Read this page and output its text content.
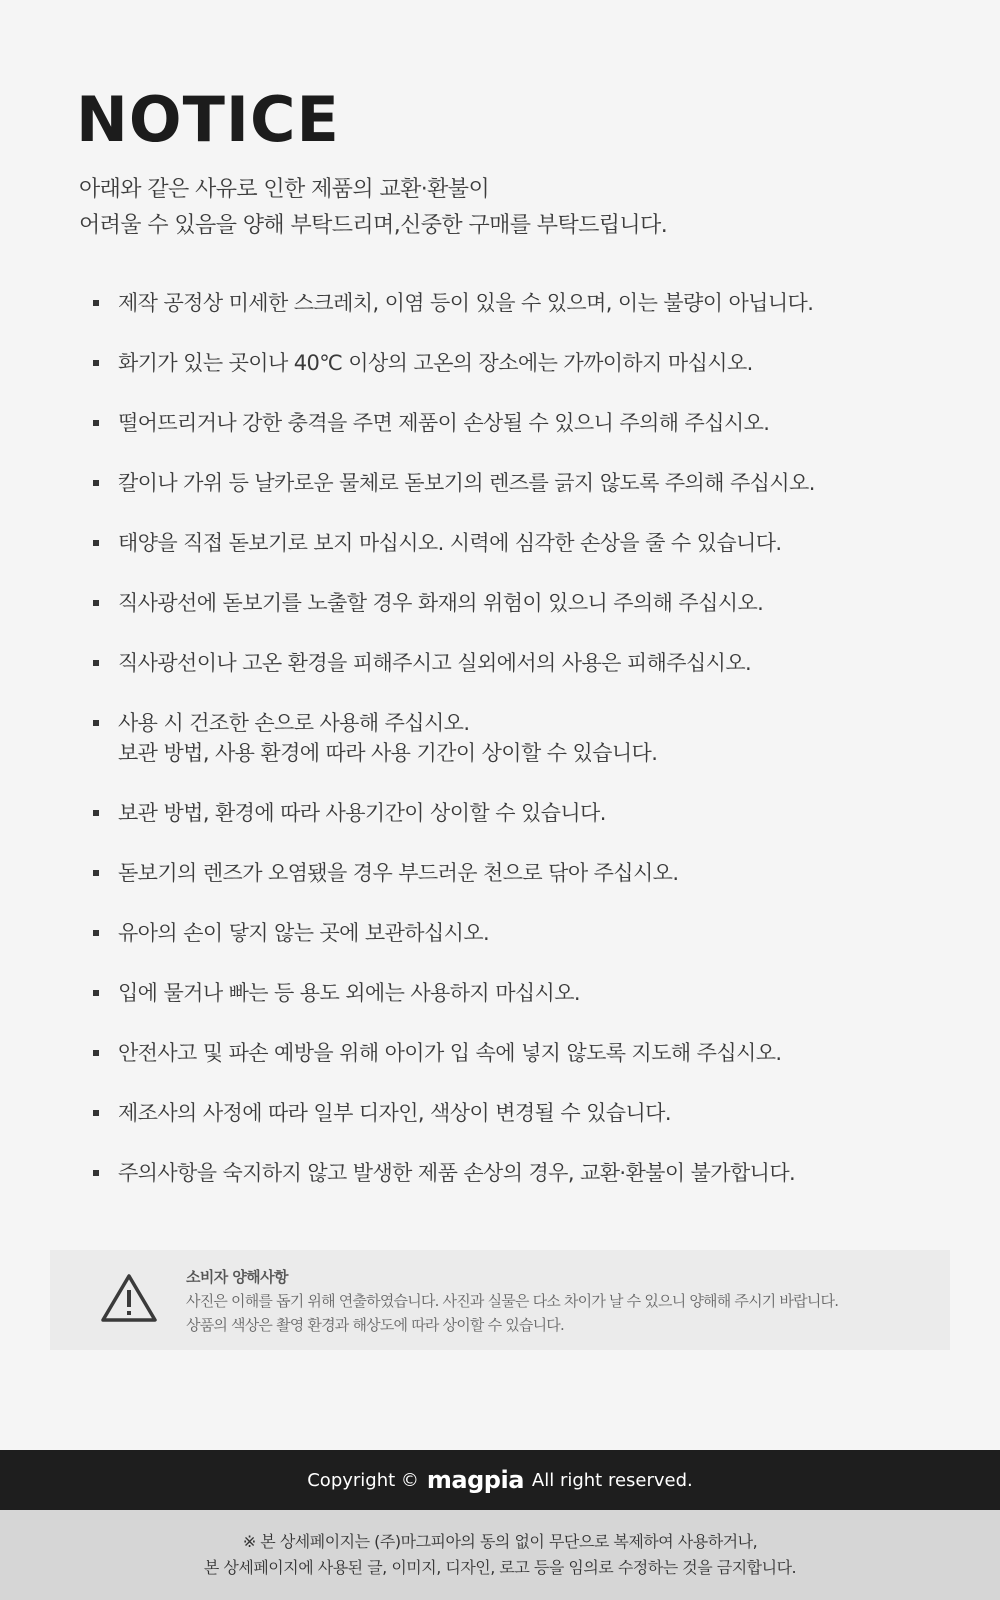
NOTICE
아래와 같은 사유로 인한 제품의 교환·환불이
어려울 수 있음을 양해 부탁드리며,신중한 구매를 부탁드립니다.
제작 공정상 미세한 스크레치, 이염 등이 있을 수 있으며, 이는 불량이 아닙니다.
화기가 있는 곳이나 40℃ 이상의 고온의 장소에는 가까이하지 마십시오.
떨어뜨리거나 강한 충격을 주면 제품이 손상될 수 있으니 주의해 주십시오.
칼이나 가위 등 날카로운 물체로 돋보기의 렌즈를 긁지 않도록 주의해 주십시오.
태양을 직접 돋보기로 보지 마십시오. 시력에 심각한 손상을 줄 수 있습니다.
직사광선에 돋보기를 노출할 경우 화재의 위험이 있으니 주의해 주십시오.
직사광선이나 고온 환경을 피해주시고 실외에서의 사용은 피해주십시오.
사용 시 건조한 손으로 사용해 주십시오.
보관 방법, 사용 환경에 따라 사용 기간이 상이할 수 있습니다.
보관 방법, 환경에 따라 사용기간이 상이할 수 있습니다.
돋보기의 렌즈가 오염됐을 경우 부드러운 천으로 닦아 주십시오.
유아의 손이 닿지 않는 곳에 보관하십시오.
입에 물거나 빠는 등 용도 외에는 사용하지 마십시오.
안전사고 및 파손 예방을 위해 아이가 입 속에 넣지 않도록 지도해 주십시오.
제조사의 사정에 따라 일부 디자인, 색상이 변경될 수 있습니다.
주의사항을 숙지하지 않고 발생한 제품 손상의 경우, 교환·환불이 불가합니다.
소비자 양해사항
사진은 이해를 돕기 위해 연출하였습니다. 사진과 실물은 다소 차이가 날 수 있으니 양해해 주시기 바랍니다.
상품의 색상은 촬영 환경과 해상도에 따라 상이할 수 있습니다.
Copyright © magpia All right reserved.
※ 본 상세페이지는 (주)마그피아의 동의 없이 무단으로 복제하여 사용하거나,
본 상세페이지에 사용된 글, 이미지, 디자인, 로고 등을 임의로 수정하는 것을 금지합니다.
